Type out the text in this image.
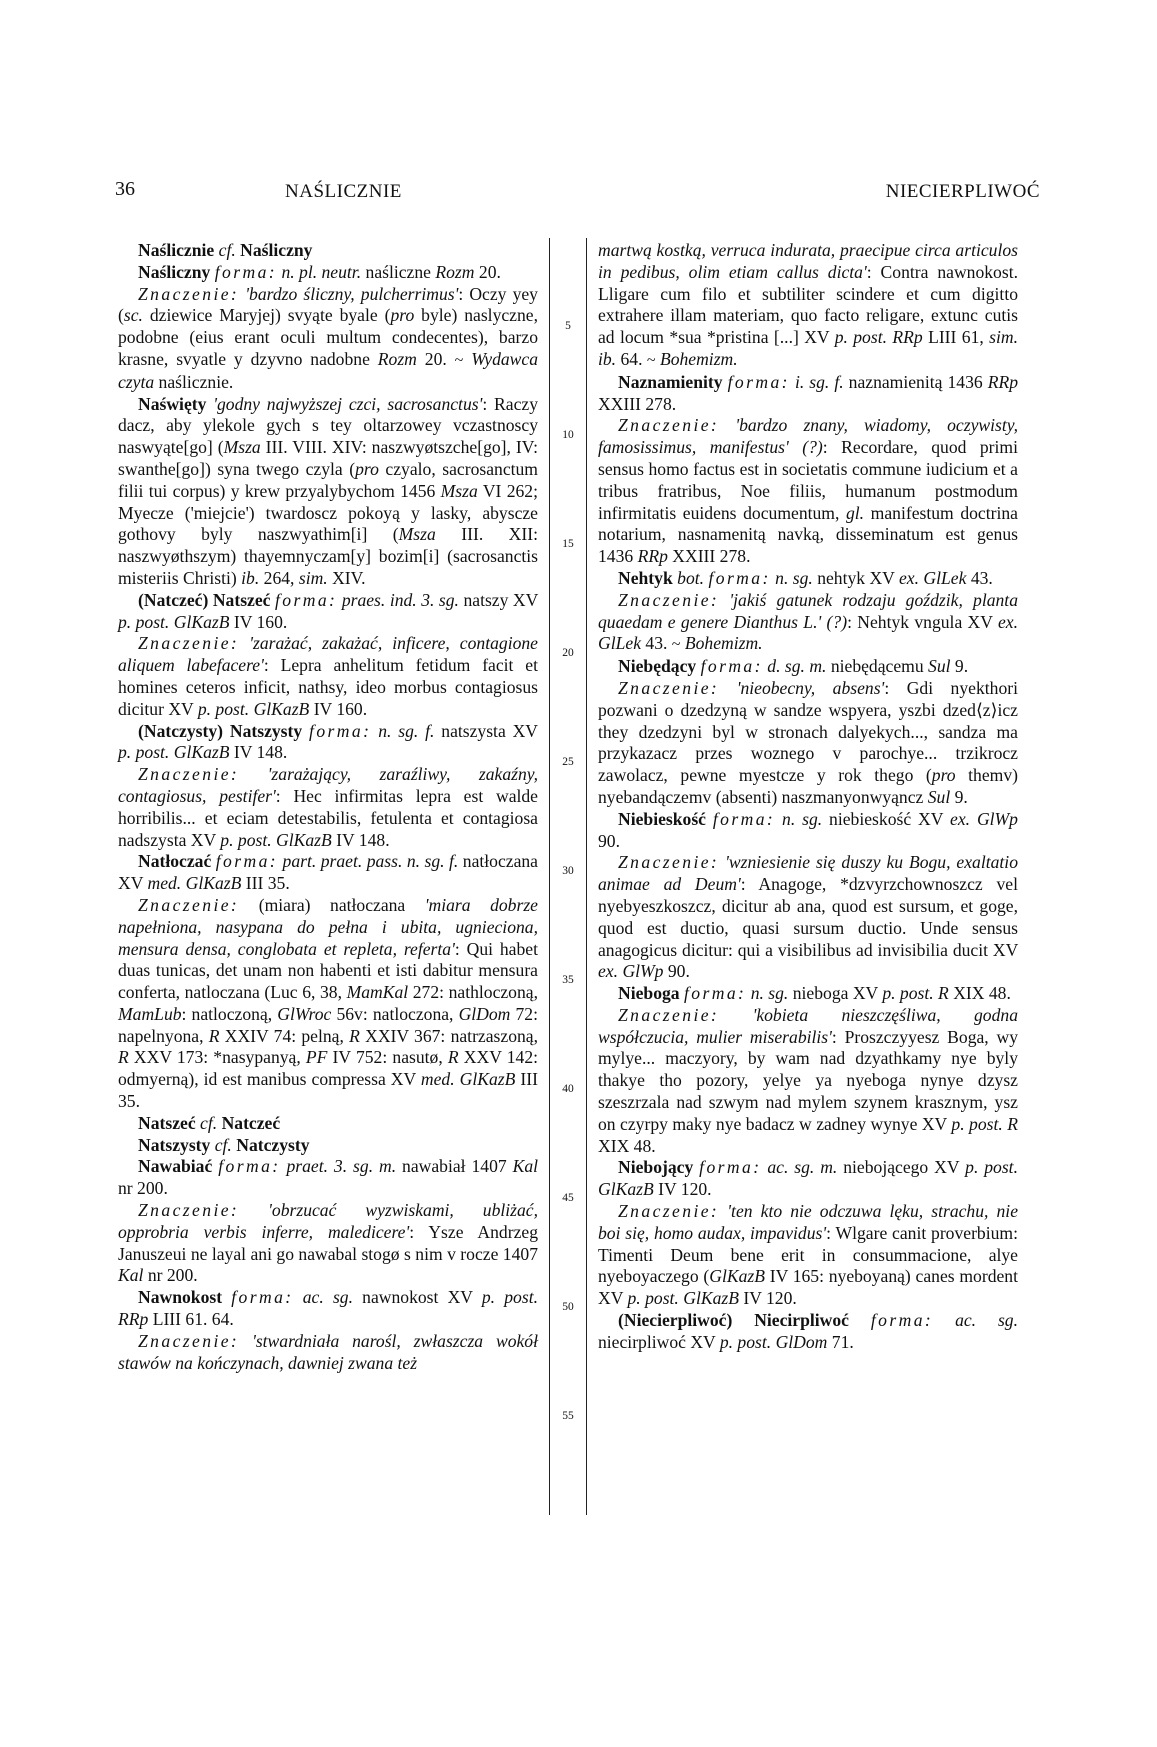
36	NAŚLICZNIE	NIECIERPLIWOĆ
5
10
15
20
25
30
35
40
45
50
55

Naślicznie cf. Naśliczny

Naśliczny forma: n. pl. neutr. naśliczne Rozm 20.

Znaczenie: 'bardzo śliczny, pulcherrimus': Oczy yey (sc. dziewice Maryjej) svyąte byale (pro byle) naslyczne, podobne (eius erant oculi multum condecentes), barzo krasne, svyatle y dzyvno nadobne Rozm 20. ~ Wydawca czyta naślicznie.

Naświęty 'godny najwyższej czci, sacrosanctus': Raczy dacz, aby ylekole gych s tey oltarzowey vczastnoscy naswyąte[go] (Msza III. VIII. XIV: naszwyøtszche[go], IV: swanthe[go]) syna twego czyla (pro czyalo, sacrosanctum filii tui corpus) y krew przyalybychom 1456 Msza VI 262; Myecze ('miejcie') twardoscz pokoyą y lasky, abysczе gothovy byly naszwyathim[i] (Msza III. XII: naszwyøthszym) thayemnyczam[y] bozim[i] (sacrosanctis misteriis Christi) ib. 264, sim. XIV.

(Natczeć) Natszeć forma: praes. ind. 3. sg. natszy XV p. post. GlKazB IV 160.

Znaczenie: 'zarażać, zakażać, inficere, contagione aliquem labefacere': Lepra anhelitum fetidum facit et homines ceteros inficit, nathsy, ideo morbus contagiosus dicitur XV p. post. GlKazB IV 160.

(Natczysty) Natszysty forma: n. sg. f. natszysta XV p. post. GlKazB IV 148.

Znaczenie: 'zarażający, zaraźliwy, zakaźny, contagiosus, pestifer': Hec infirmitas lepra est walde horribilis... et eciam detestabilis, fetulenta et contagiosa nadszysta XV p. post. GlKazB IV 148.

Natłoczać forma: part. praet. pass. n. sg. f. natłoczana XV med. GlKazB III 35.

Znaczenie: (miara) natłoczana 'miara dobrze napełniona, nasypana do pełna i ubita, ugnieciona, mensura densa, conglobata et repleta, referta': Qui habet duas tunicas, det unam non habenti et isti dabitur mensura conferta, natloczana (Luc 6, 38, MamKal 272: nathloczoną, MamLub: natloczoną, GlWroc 56v: natloczona, GlDom 72: napelnyona, R XXIV 74: pelną, R XXIV 367: natrzaszoną, R XXV 173: *nasypanyą, PF IV 752: nasutø, R XXV 142: odmyerną), id est manibus compressa XV med. GlKazB III 35.

Natszeć cf. Natczeć

Natszysty cf. Natczysty

Nawabiać forma: praet. 3. sg. m. nawabiał 1407 Kal nr 200.

Znaczenie: 'obrzucać wyzwiskami, ubliżać, opprobria verbis inferre, maledicere': Ysze Andrzeg Januszeui ne layal ani go nawabal stogø s nim v rocze 1407 Kal nr 200.

Nawnokost forma: ac. sg. nawnokost XV p. post. RRp LIII 61. 64.

Znaczenie: 'stwardniała narośl, zwłaszcza wokół stawów na kończynach, dawniej zwana też

martwą kostką, verruca indurata, praecipue circa articulos in pedibus, olim etiam callus dicta': Contra nawnokost. Lligare cum filo et subtiliter scindere et cum digitto extrahere illam materiam, quo facto religare, extunc cutis ad locum *sua *pristina [...] XV p. post. RRp LIII 61, sim. ib. 64. ~ Bohemizm.

Naznamienity forma: i. sg. f. naznamienitą 1436 RRp XXIII 278.

Znaczenie: 'bardzo znany, wiadomy, oczywisty, famosissimus, manifestus' (?): Recordare, quod primi sensus homo factus est in societatis commune iudicium et a tribus fratribus, Noe filiis, humanum postmodum infirmitatis euidens documentum, gl. manifestum doctrina notarium, nasnamenitą navką, disseminatum est genus 1436 RRp XXIII 278.

Nehtyk bot. forma: n. sg. nehtyk XV ex. GlLek 43.

Znaczenie: 'jakiś gatunek rodzaju goździk, planta quaedam e genere Dianthus L.' (?): Nehtyk vngula XV ex. GlLek 43. ~ Bohemizm.

Niebędący forma: d. sg. m. niebędącemu Sul 9.

Znaczenie: 'nieobecny, absens': Gdi nyekthori pozwani o dzedzyną w sandze wspyera, yszbi dzed⟨z⟩icz they dzedzyni byl w stronach dalyekych..., sandza ma przykazacz przes woznego v parochye... trzikrocz zawolacz, pewne myestczе y rok thego (pro themv) nyebandączemv (absenti) naszmanyonwyąncz Sul 9.

Niebieskość forma: n. sg. niebieskość XV ex. GlWp 90.

Znaczenie: 'wzniesienie się duszy ku Bogu, exaltatio animae ad Deum': Anagoge, *dzvyrzchownoszcz vel nyebyeszkoszcz, dicitur ab ana, quod est sursum, et goge, quod est ductio, quasi sursum ductio. Unde sensus anagogicus dicitur: qui a visibilibus ad invisibilia ducit XV ex. GlWp 90.

Nieboga forma: n. sg. nieboga XV p. post. R XIX 48.

Znaczenie: 'kobieta nieszczęśliwa, godna współczucia, mulier miserabilis': Proszczyyesz Boga, wy mylye... maczyory, by wam nad dzyathkamy nye byly thakye tho pozory, yelye ya nyeboga nynye dzysz szeszrzala nad szwym nad mylem szynem krasznym, ysz on czyrpy maky nye badacz w zadney wynye XV p. post. R XIX 48.

Niebojący forma: ac. sg. m. niebojącego XV p. post. GlKazB IV 120.

Znaczenie: 'ten kto nie odczuwa lęku, strachu, nie boi się, homo audax, impavidus': Wlgare canit proverbium: Timenti Deum bene erit in consummacione, alye nyeboyaczego (GlKazB IV 165: nyeboyaną) canes mordent XV p. post. GlKazB IV 120.

(Niecierpliwoć) Niecirpliwoć forma: ac. sg. niecirpliwoć XV p. post. GlDom 71.
